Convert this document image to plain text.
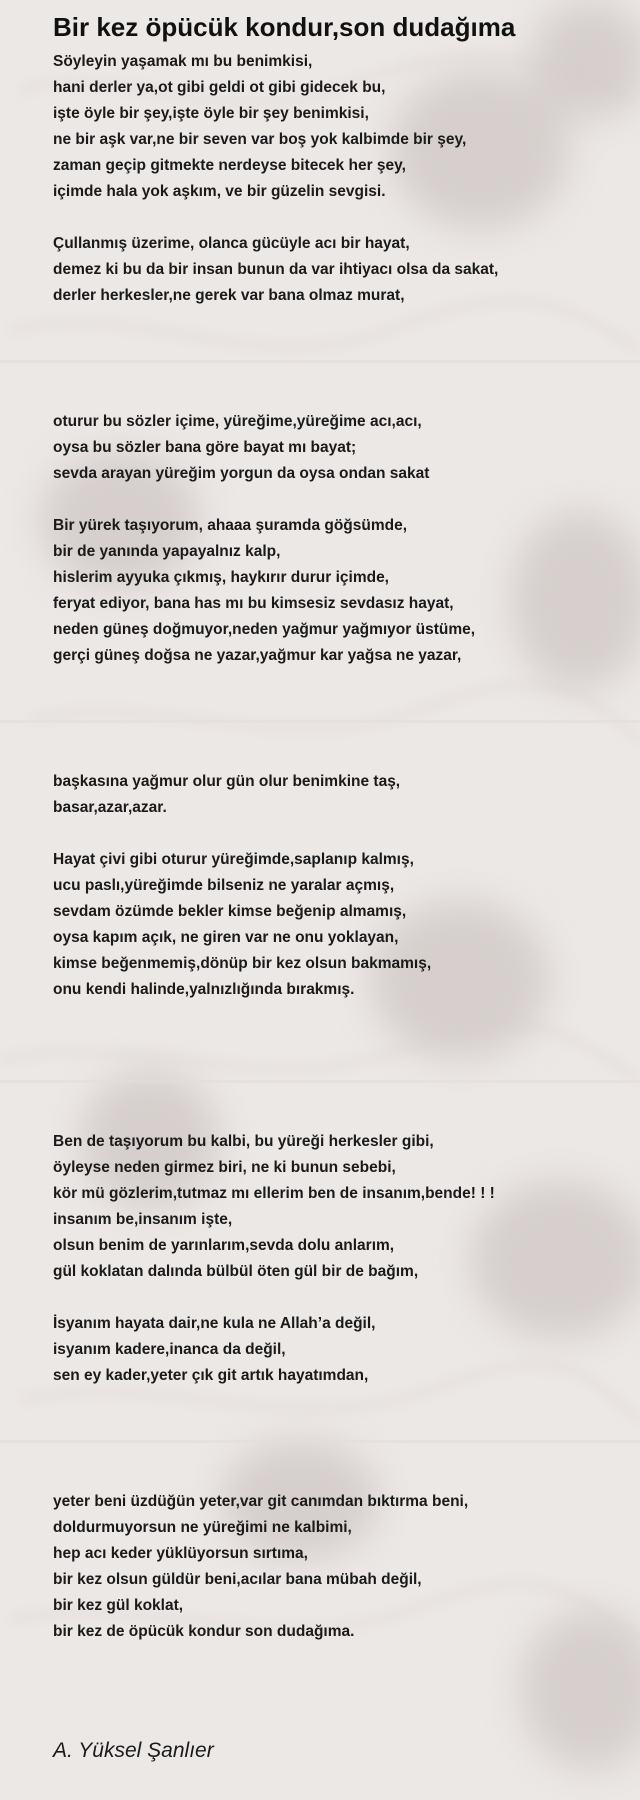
Bir kez öpücük kondur,son dudağıma
Söyleyin yaşamak mı bu benimkisi,
hani derler ya,ot gibi geldi ot gibi gidecek bu,
işte öyle bir şey,işte öyle bir şey benimkisi,
ne bir aşk var,ne bir seven var boş yok kalbimde bir şey,
zaman geçip gitmekte nerdeyse bitecek her şey,
içimde hala yok aşkım, ve bir güzelin sevgisi.
Çullanmış üzerime, olanca gücüyle acı bir hayat,
demez ki bu da bir insan bunun da var ihtiyacı olsa da sakat,
derler herkesler,ne gerek var bana olmaz murat,
oturur bu sözler içime, yüreğime,yüreğime acı,acı,
oysa bu sözler bana göre bayat mı bayat;
sevda arayan yüreğim yorgun da oysa ondan sakat
Bir yürek taşıyorum, ahaaa şuramda göğsümde,
bir de yanında yapayalnız kalp,
hislerim ayyuka çıkmış, haykırır durur içimde,
feryat ediyor, bana has mı bu kimsesiz sevdasız hayat,
neden güneş doğmuyor,neden yağmur yağmıyor üstüme,
gerçi güneş doğsa ne yazar,yağmur kar yağsa ne yazar,
başkasına yağmur olur gün olur benimkine taş,
basar,azar,azar.
Hayat çivi gibi oturur yüreğimde,saplanıp kalmış,
ucu paslı,yüreğimde bilseniz ne yaralar açmış,
sevdam özümde bekler kimse beğenip almamış,
oysa kapım açık, ne giren var ne onu yoklayan,
kimse beğenmemiş,dönüp bir kez olsun bakmamış,
onu kendi halinde,yalnızlığında bırakmış.
Ben de taşıyorum bu kalbi, bu yüreği herkesler gibi,
öyleyse neden girmez biri, ne ki bunun sebebi,
kör mü gözlerim,tutmaz mı ellerim ben de insanım,bende! ! !
insanım be,insanım işte,
olsun benim de yarınlarım,sevda dolu anlarım,
gül koklatan dalında bülbül öten gül bir de bağım,
İsyanım hayata dair,ne kula ne Allah’a değil,
isyanım kadere,inanca da değil,
sen ey kader,yeter çık git artık hayatımdan,
yeter beni üzdüğün yeter,var git canımdan bıktırma beni,
doldurmuyorsun ne yüreğimi ne kalbimi,
hep acı keder yüklüyorsun sırtıma,
bir kez olsun güldür beni,acılar bana mübah değil,
bir kez gül koklat,
bir kez de öpücük kondur son dudağıma.
A. Yüksel Şanlıer
